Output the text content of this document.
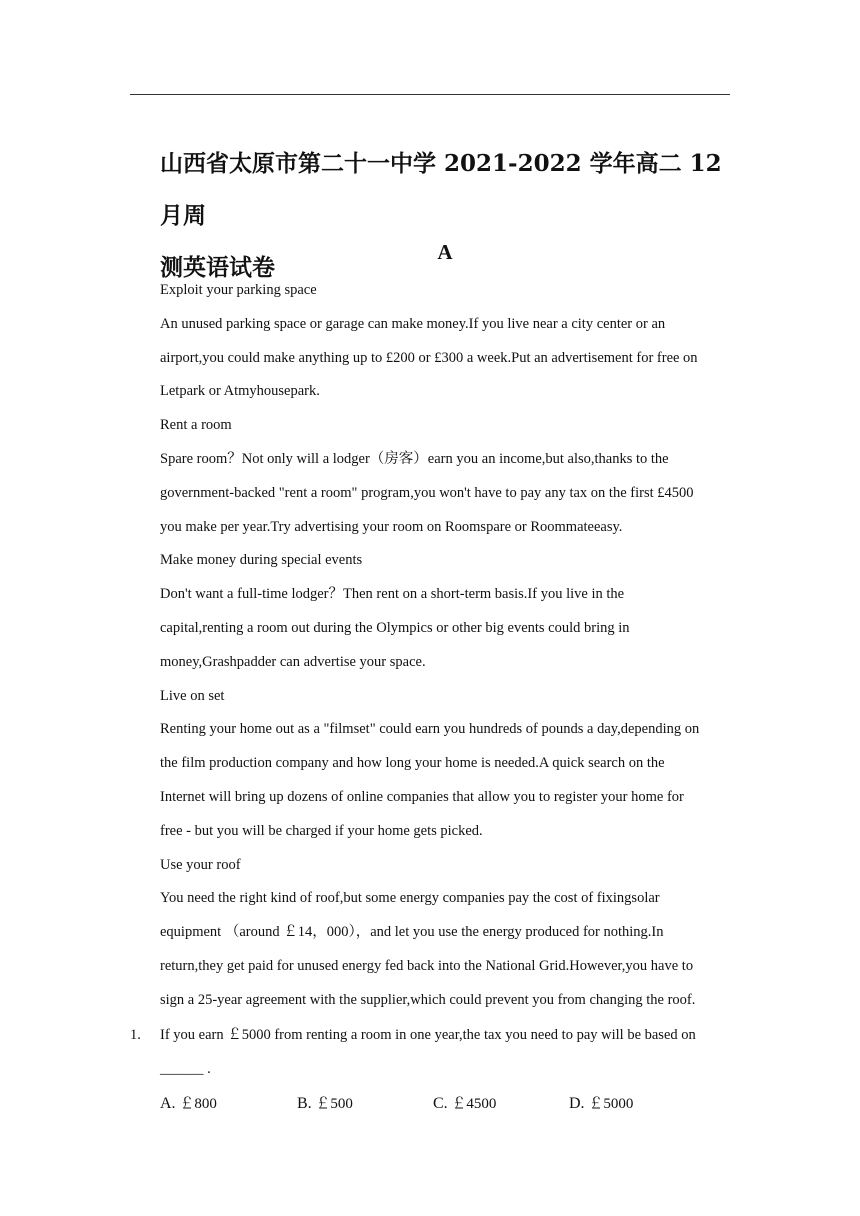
山西省太原市第二十一中学 2021-2022 学年高二 12 月周
测英语试卷
A
Exploit your parking space
An unused parking space or garage can make money.If you live near a city center or an
airport,you could make anything up to £200 or £300 a week.Put an advertisement for free on
Letpark or Atmyhousepark.
Rent a room
Spare room？Not only will a lodger（房客）earn you an income,but also,thanks to the
government-backed "rent a room" program,you won't have to pay any tax on the first £4500
you make per year.Try advertising your room on Roomspare or Roommateeasy.
Make money during special events
Don't want a full-time lodger？Then rent on a short-term basis.If you live in the
capital,renting a room out during the Olympics or other big events could bring in
money,Grashpadder can advertise your space.
Live on set
Renting your home out as a "filmset" could earn you hundreds of pounds a day,depending on
the film production company and how long your home is needed.A quick search on the
Internet will bring up dozens of online companies that allow you to register your home for
free - but you will be charged if your home gets picked.
Use your roof
You need the right kind of roof,but some energy companies pay the cost of fixingsolar
equipment （around ￡14，000），and let you use the energy produced for nothing.In
return,they get paid for unused energy fed back into the National Grid.However,you have to
sign a 25-year agreement with the supplier,which could prevent you from changing the roof.
1. If you earn ￡5000 from renting a room in one year,the tax you need to pay will be based on
______ .
A. ￡800	B. ￡500	C. ￡4500	D. ￡5000
